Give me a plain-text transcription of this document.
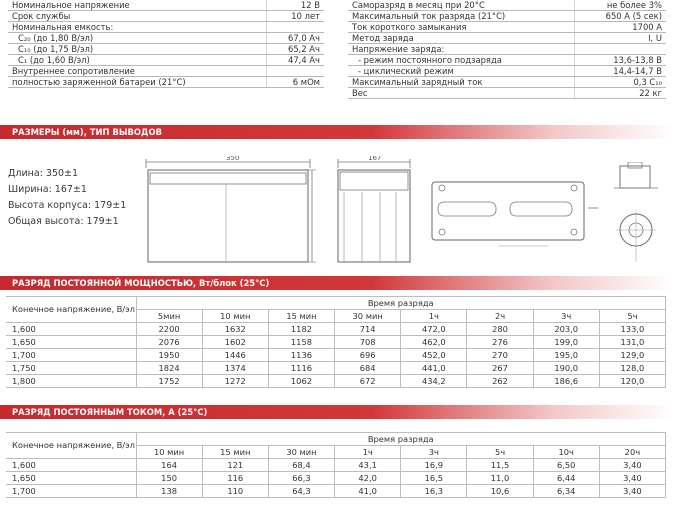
Номинальное напряжение	12 В
Срок службы	10 лет
Номинальная емкость:	
C₂₀ (до 1,80 В/эл)	67,0 Ач
C₁₀ (до 1,75 В/эл)	65,2 Ач
C₁ (до 1,60 В/эл)	47,4 Ач
Внутреннее сопротивление	
полностью заряженной батареи (21°С)	6 мОм
Саморазряд в месяц при 20°С	не более 3%
Максимальный ток разряда (21°С)	650 А (5 сек)
Ток короткого замыкания	1700 А
Метод заряда	I, U
Напряжение заряда:	
- режим постоянного подзаряда	13,6-13,8 В
- циклический режим	14,4-14,7 В
Максимальный зарядный ток	0,3 C₁₀
Вес	22 кг
РАЗМЕРЫ (мм), ТИП ВЫВОДОВ
Длина: 350±1
Ширина: 167±1
Высота корпуса: 179±1
Общая высота: 179±1
350	167
РАЗРЯД ПОСТОЯННОЙ МОЩНОСТЬЮ, Вт/блок (25°С)
Конечное напряжение, В/эл	Время разряда							
	5мин	10 мин	15 мин	30 мин	1ч	2ч	3ч	5ч
1,600	2200	1632	1182	714	472,0	280	203,0	133,0
1,650	2076	1602	1158	708	462,0	276	199,0	131,0
1,700	1950	1446	1136	696	452,0	270	195,0	129,0
1,750	1824	1374	1116	684	441,0	267	190,0	128,0
1,800	1752	1272	1062	672	434,2	262	186,6	120,0
РАЗРЯД ПОСТОЯННЫМ ТОКОМ, А (25°С)
Конечное напряжение, В/эл	Время разряда							
	10 мин	15 мин	30 мин	1ч	3ч	5ч	10ч	20ч
1,600	164	121	68,4	43,1	16,9	11,5	6,50	3,40
1,650	150	116	66,3	42,0	16,5	11,0	6,44	3,40
1,700	138	110	64,3	41,0	16,3	10,6	6,34	3,40
